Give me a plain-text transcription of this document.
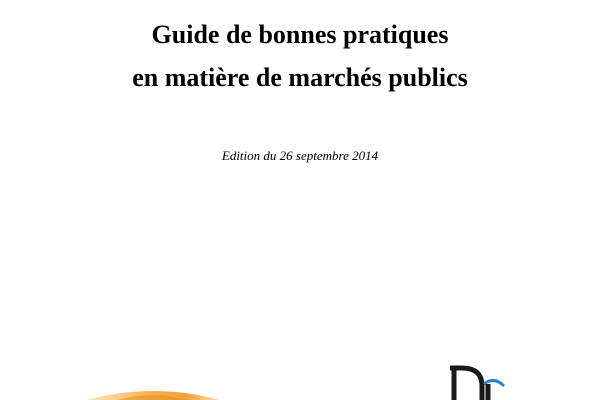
Guide de bonnes pratiques
en matière de marchés publics
Edition du 26 septembre 2014
